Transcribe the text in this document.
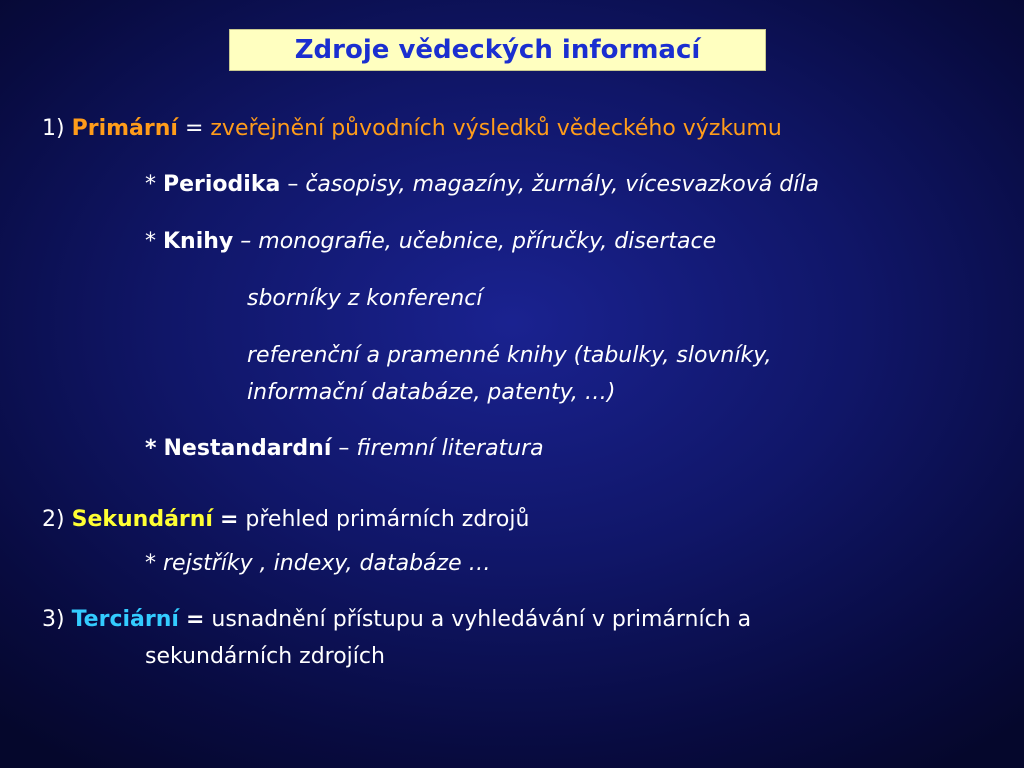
Zdroje vědeckých informací
1) Primární = zveřejnění původních výsledků vědeckého výzkumu
* Periodika – časopisy, magazíny, žurnály, vícesvazková díla
* Knihy – monografie, učebnice, příručky, disertace
sborníky z konferencí
referenční a pramenné knihy (tabulky, slovníky,
informační databáze, patenty, …)
* Nestandardní – firemní literatura
2) Sekundární = přehled primárních zdrojů
* rejstříky , indexy, databáze …
3) Terciární = usnadnění přístupu a vyhledávání v primárních a
sekundárních zdrojích
